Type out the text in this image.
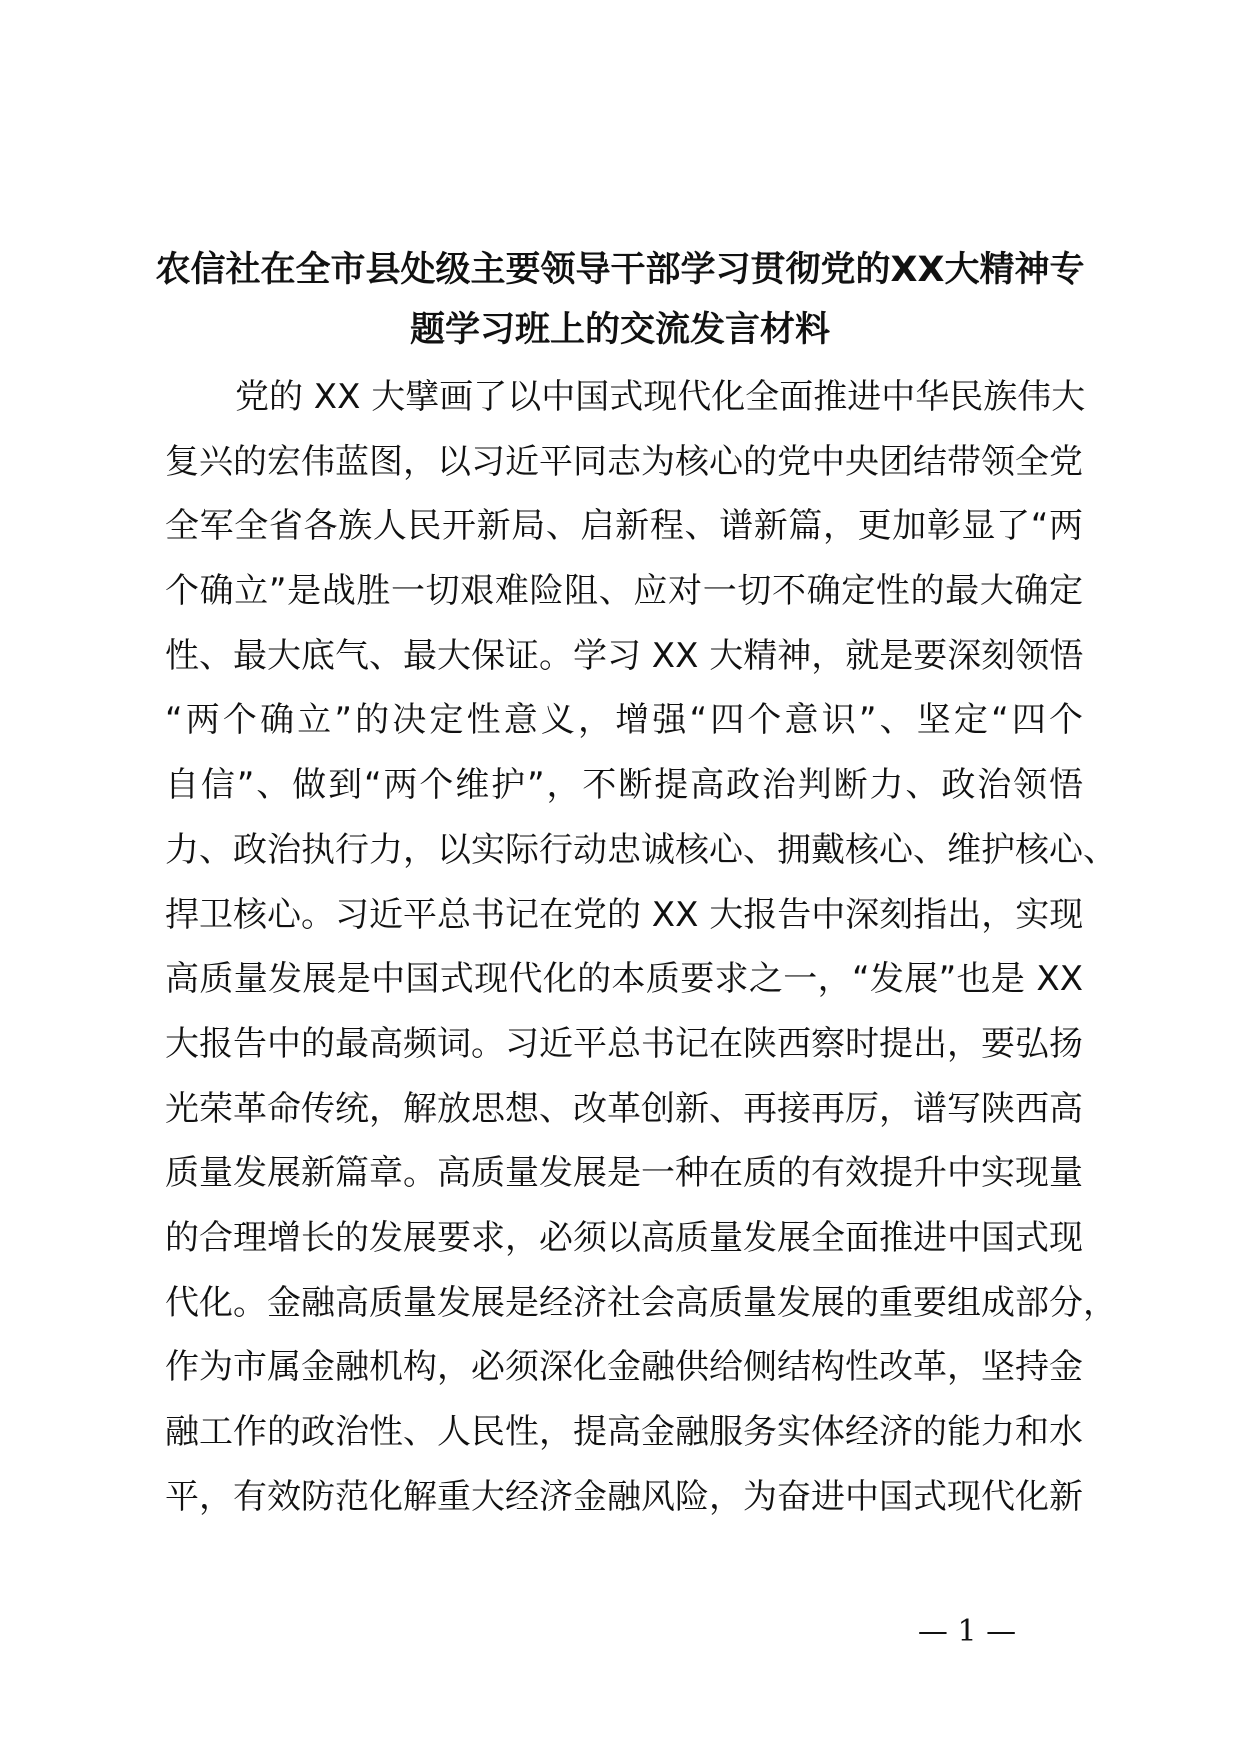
农信社在全市县处级主要领导干部学习贯彻党的XX大精神专
题学习班上的交流发言材料
党的 XX 大擘画了以中国式现代化全面推进中华民族伟大
复兴的宏伟蓝图，以习近平同志为核心的党中央团结带领全党
全军全省各族人民开新局、启新程、谱新篇，更加彰显了“两
个确立”是战胜一切艰难险阻、应对一切不确定性的最大确定
性、最大底气、最大保证。学习 XX 大精神，就是要深刻领悟
“两个确立”的决定性意义，增强“四个意识”、坚定“四个
自信”、做到“两个维护”，不断提高政治判断力、政治领悟
力、政治执行力，以实际行动忠诚核心、拥戴核心、维护核心、
捍卫核心。习近平总书记在党的 XX 大报告中深刻指出，实现
高质量发展是中国式现代化的本质要求之一，“发展”也是 XX
大报告中的最高频词。习近平总书记在陕西察时提出，要弘扬
光荣革命传统，解放思想、改革创新、再接再厉，谱写陕西高
质量发展新篇章。高质量发展是一种在质的有效提升中实现量
的合理增长的发展要求，必须以高质量发展全面推进中国式现
代化。金融高质量发展是经济社会高质量发展的重要组成部分，
作为市属金融机构，必须深化金融供给侧结构性改革，坚持金
融工作的政治性、人民性，提高金融服务实体经济的能力和水
平，有效防范化解重大经济金融风险，为奋进中国式现代化新
— 1 —
